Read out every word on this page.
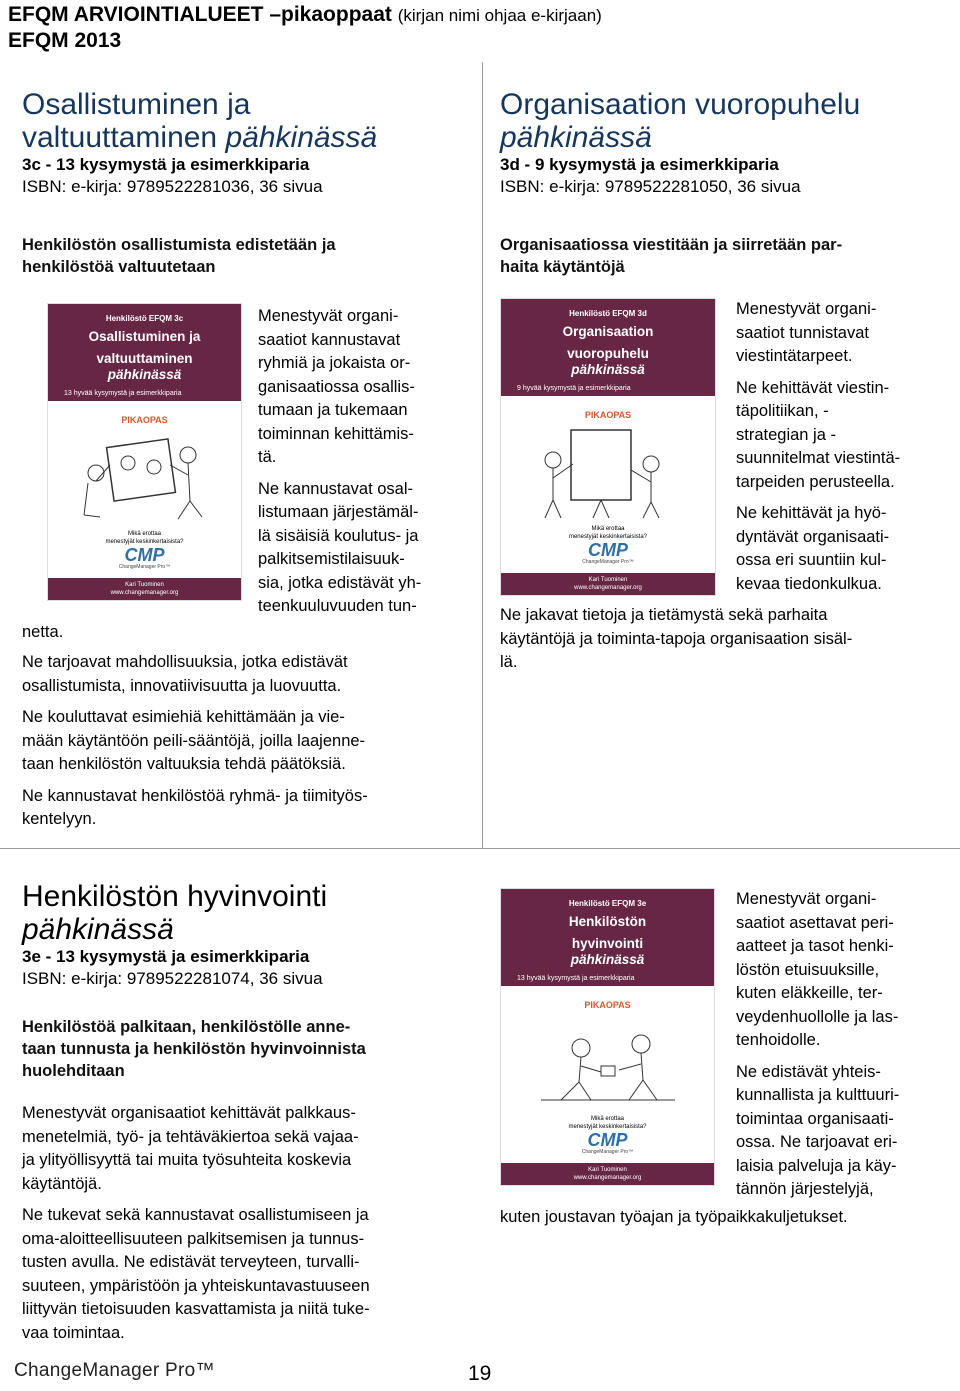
EFQM ARVIOINTIALUEET –pikaoppaat (kirjan nimi ohjaa e-kirjaan)
EFQM 2013
Osallistuminen ja
valtuuttaminen pähkinässä
3c - 13 kysymystä ja esimerkkipariа
ISBN: e-kirja: 9789522281036, 36 sivua
Henkilöstön osallistumista edistetään ja
henkilöstöä valtuutetaan
Henkilöstö EFQM 3c
Osallistuminen ja
valtuuttaminen
pähkinässä
13 hyvää kysymystä ja esimerkkipariа
PIKAOPAS
Mikä erottaa
menestyjät keskinkertaisista?
CMP
ChangeManager Pro™
Kari Tuominen
www.changemanager.org
Menestyvät organi-
saatiot kannustavat
ryhmiä ja jokaista or-
ganisaatiossa osallis-
tumaan ja tukemaan
toiminnan kehittämis-
tä.
Ne kannustavat osal-
listumaan järjestämäl-
lä sisäisiä koulutus- ja
palkitsemistilaisuuk-
sia, jotka edistävät yh-
teenkuuluvuuden tun-
netta.
Ne tarjoavat mahdollisuuksia, jotka edistävät
osallistumista, innovatiivisuutta ja luovuutta.
Ne kouluttavat esimiehiä kehittämään ja vie-
mään käytäntöön peili-sääntöjä, joilla laajenne-
taan henkilöstön valtuuksia tehdä päätöksiä.
Ne kannustavat henkilöstöä ryhmä- ja tiimityös-
kentelyyn.
Organisaation vuoropuhelu
pähkinässä
3d - 9 kysymystä ja esimerkkipariа
ISBN: e-kirja: 9789522281050, 36 sivua
Organisaatiossa viestitään ja siirretään par-
haita käytäntöjä
Henkilöstö EFQM 3d
Organisaation
vuoropuhelu
pähkinässä
9 hyvää kysymystä ja esimerkkipariа
PIKAOPAS
Mikä erottaa
menestyjät keskinkertaisista?
CMP
ChangeManager Pro™
Kari Tuominen
www.changemanager.org
Menestyvät organi-
saatiot tunnistavat
viestintätarpeet.
Ne kehittävät viestin-
täpolitiikan, -
strategian ja -
suunnitelmat viestintä-
tarpeiden perusteella.
Ne kehittävät ja hyö-
dyntävät organisaati-
ossa eri suuntiin kul-
kevaa tiedonkulkua.
Ne jakavat tietoja ja tietämystä sekä parhaita
käytäntöjä ja toiminta-tapoja organisaation sisäl-
lä.
Henkilöstön hyvinvointi
pähkinässä
3e - 13 kysymystä ja esimerkkipariа
ISBN: e-kirja: 9789522281074, 36 sivua
Henkilöstöä palkitaan, henkilöstölle anne-
taan tunnusta ja henkilöstön hyvinvoinnista
huolehditaan
Menestyvät organisaatiot kehittävät palkkaus-
menetelmiä, työ- ja tehtäväkiertoa sekä vajaa-
ja ylityöllisyyttä tai muita työsuhteita koskevia
käytäntöjä.
Ne tukevat sekä kannustavat osallistumiseen ja
oma-aloitteellisuuteen palkitsemisen ja tunnus-
tusten avulla. Ne edistävät terveyteen, turvalli-
suuteen, ympäristöön ja yhteiskuntavastuuseen
liittyvän tietoisuuden kasvattamista ja niitä tuke-
vaa toimintaa.
Henkilöstö EFQM 3e
Henkilöstön
hyvinvointi
pähkinässä
13 hyvää kysymystä ja esimerkkipariа
PIKAOPAS
Mikä erottaa
menestyjät keskinkertaisista?
CMP
ChangeManager Pro™
Kari Tuominen
www.changemanager.org
Menestyvät organi-
saatiot asettavat peri-
aatteet ja tasot henki-
löstön etuisuuksille,
kuten eläkkeille, ter-
veydenhuollolle ja las-
tenhoidolle.
Ne edistävät yhteis-
kunnallista ja kulttuuri-
toimintaa organisaati-
ossa. Ne tarjoavat eri-
laisia palveluja ja käy-
tännön järjestelyjä,
kuten joustavan työajan ja työpaikkakuljetukset.
ChangeManager Pro™	19
